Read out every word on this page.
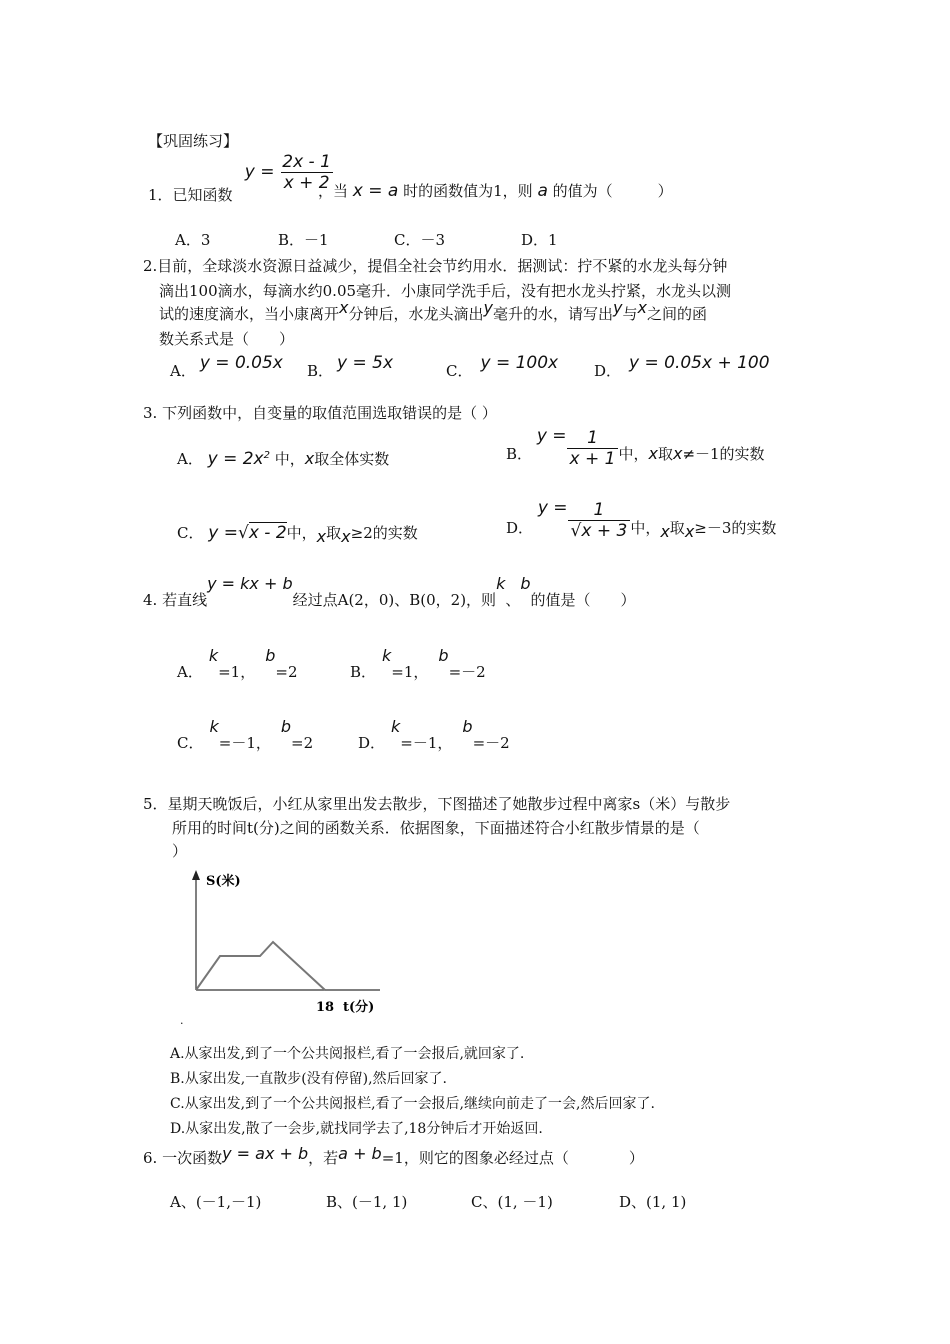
【巩固练习】
$y = \frac{2x - 1}{x + 2}$
1．已知函数	，当 x = a 时的函数值为1，则 a 的值为（　　　）
A．3	B．－1	C．－3	D．1
2.目前，全球淡水资源日益减少，提倡全社会节约用水．据测试：拧不紧的水龙头每分钟
滴出100滴水，每滴水约0.05毫升．小康同学洗手后，没有把水龙头拧紧，水龙头以测
试的速度滴水，当小康离开x分钟后，水龙头滴出y毫升的水，请写出y与x之间的函
数关系式是（　　）
A． y = 0.05x B． y = 5x	C． y = 100x D． y = 0.05x + 100
3. 下列函数中，自变量的取值范围选取错误的是（ ）
A． $y = 2x^2$ 中，x取全体实数	B． $y = \frac{1}{x + 1}$ 中，x取x≠－1的实数
C． y =√x - 2中，x取x≥2的实数	D． $y = \frac{1}{√x + 3}$ 中，x取x≥－3的实数
4. 若直线y = kx + b经过点A(2，0)、B(0，2)，则k、b的值是（　　）
A．k=1，b=2	B．k=1，b=－2
C．k=－1，b=2	D．k=－1，b=－2
5．星期天晚饭后，小红从家里出发去散步，下图描述了她散步过程中离家s（米）与散步
所用的时间t(分)之间的函数关系．依据图象，下面描述符合小红散步情景的是（
）
S(米)
18 t(分)
.
A.从家出发,到了一个公共阅报栏,看了一会报后,就回家了.
B.从家出发,一直散步(没有停留),然后回家了.
C.从家出发,到了一个公共阅报栏,看了一会报后,继续向前走了一会,然后回家了.
D.从家出发,散了一会步,就找同学去了,18分钟后才开始返回.
6. 一次函数y = ax + b，若a + b=1，则它的图象必经过点（　　　　）
A、(－1,－1)	B、(－1, 1)	C、(1, －1)	D、(1, 1)
